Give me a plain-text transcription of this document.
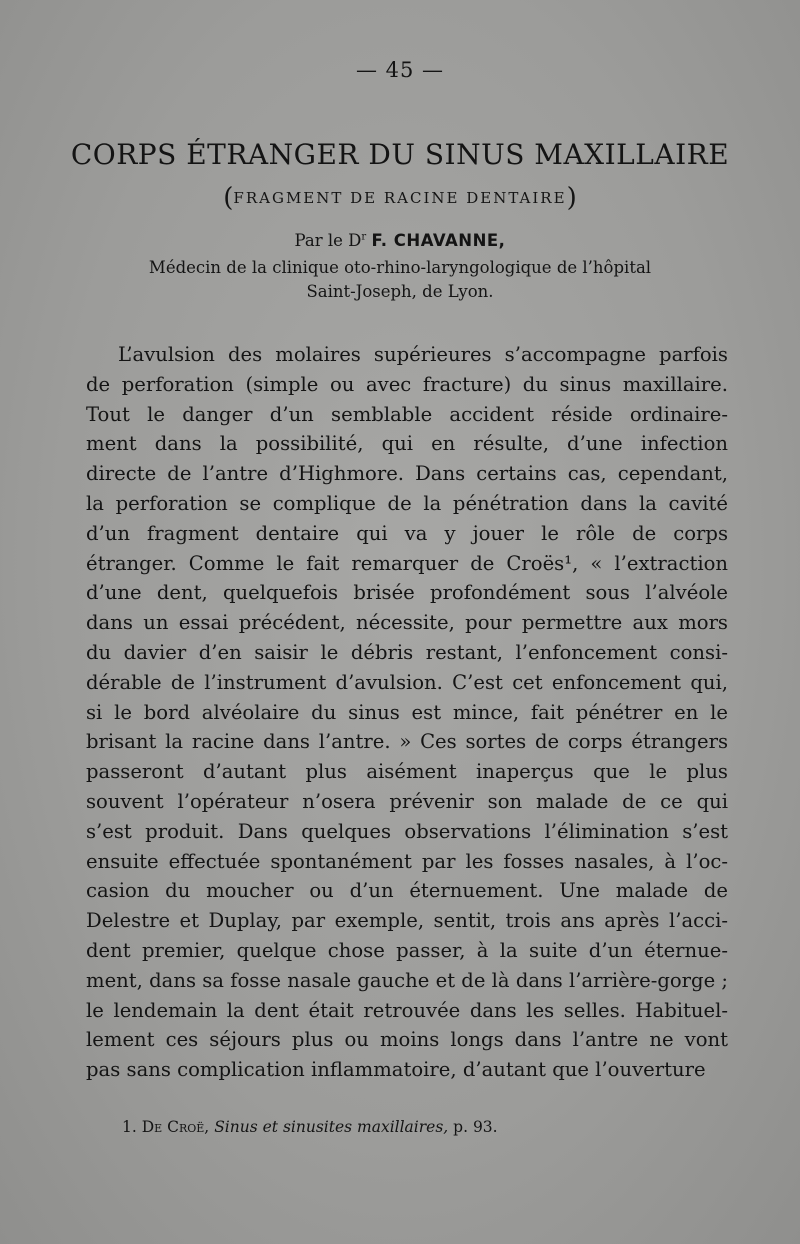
— 45 —
CORPS ÉTRANGER DU SINUS MAXILLAIRE
(FRAGMENT DE RACINE DENTAIRE)
Par le $D^r$ F. CHAVANNE,
Médecin de la clinique oto-rhino-laryngologique de l’hôpital
Saint-Joseph, de Lyon.
L’avulsion des molaires supérieures s’accompagne parfois
de perforation (simple ou avec fracture) du sinus maxillaire.
Tout le danger d’un semblable accident réside ordinaire-
ment dans la possibilité, qui en résulte, d’une infection
directe de l’antre d’Highmore. Dans certains cas, cependant,
la perforation se complique de la pénétration dans la cavité
d’un fragment dentaire qui va y jouer le rôle de corps
étranger. Comme le fait remarquer de Croës¹, « l’extraction
d’une dent, quelquefois brisée profondément sous l’alvéole
dans un essai précédent, nécessite, pour permettre aux mors
du davier d’en saisir le débris restant, l’enfoncement consi-
dérable de l’instrument d’avulsion. C’est cet enfoncement qui,
si le bord alvéolaire du sinus est mince, fait pénétrer en le
brisant la racine dans l’antre. » Ces sortes de corps étrangers
passeront d’autant plus aisément inaperçus que le plus
souvent l’opérateur n’osera prévenir son malade de ce qui
s’est produit. Dans quelques observations l’élimination s’est
ensuite effectuée spontanément par les fosses nasales, à l’oc-
casion du moucher ou d’un éternuement. Une malade de
Delestre et Duplay, par exemple, sentit, trois ans après l’acci-
dent premier, quelque chose passer, à la suite d’un éternue-
ment, dans sa fosse nasale gauche et de là dans l’arrière-gorge ;
le lendemain la dent était retrouvée dans les selles. Habituel-
lement ces séjours plus ou moins longs dans l’antre ne vont
pas sans complication inflammatoire, d’autant que l’ouverture
1. De Croë, Sinus et sinusites maxillaires, p. 93.
